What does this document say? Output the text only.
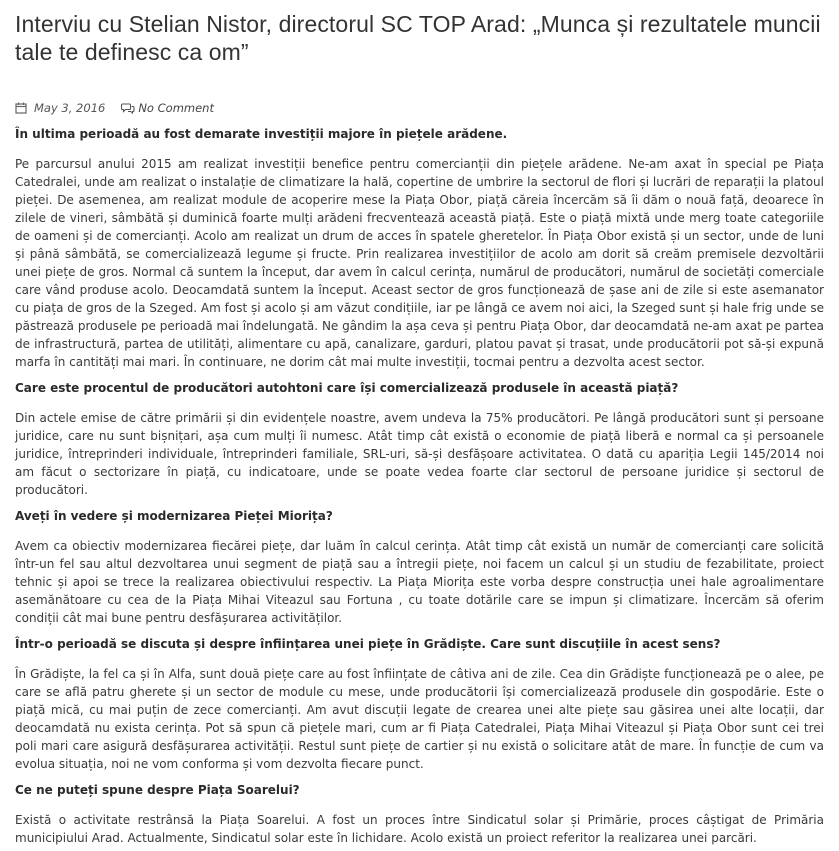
Interviu cu Stelian Nistor, directorul SC TOP Arad: „Munca și rezultatele muncii tale te definesc ca om”
May 3, 2016	No Comment

În ultima perioadă au fost demarate investiții majore în piețele arădene.

Pe parcursul anului 2015 am realizat investiții benefice pentru comercianții din piețele arădene. Ne-am axat în special pe Piața Catedralei, unde am realizat o instalație de climatizare la hală, copertine de umbrire la sectorul de flori și lucrări de reparații la platoul pieței. De asemenea, am realizat module de acoperire mese la Piața Obor, piață căreia încercăm să îi dăm o nouă față, deoarece în zilele de vineri, sâmbătă și duminică foarte mulți arădeni frecventează această piață. Este o piață mixtă unde merg toate categoriile de oameni și de comercianți. Acolo am realizat un drum de acces în spatele gheretelor. În Piața Obor există și un sector, unde de luni și până sâmbătă, se comercializează legume și fructe. Prin realizarea investițiilor de acolo am dorit să creăm premisele dezvoltării unei piețe de gros. Normal că suntem la început, dar avem în calcul cerința, numărul de producători, numărul de societăți comerciale care vând produse acolo. Deocamdată suntem la început. Aceast sector de gros funcționează de șase ani de zile si este asemanator cu piața de gros de la Szeged. Am fost și acolo și am văzut condițiile, iar pe lângă ce avem noi aici, la Szeged sunt și hale frig unde se păstrează produsele pe perioadă mai îndelungată. Ne gândim la așa ceva și pentru Piața Obor, dar deocamdată ne-am axat pe partea de infrastructură, partea de utilități, alimentare cu apă, canalizare, garduri, platou pavat și trasat, unde producătorii pot să-și expună marfa în cantități mai mari. În continuare, ne dorim cât mai multe investiții, tocmai pentru a dezvolta acest sector.

Care este procentul de producători autohtoni care își comercializează produsele în această piață?

Din actele emise de către primării și din evidențele noastre, avem undeva la 75% producători. Pe lângă producători sunt și persoane juridice, care nu sunt bișnițari, așa cum mulți îi numesc. Atât timp cât există o economie de piață liberă e normal ca și persoanele juridice, întreprinderi individuale, întreprinderi familiale, SRL-uri, să-și desfășoare activitatea. O dată cu apariția Legii 145/2014 noi am făcut o sectorizare în piață, cu indicatoare, unde se poate vedea foarte clar sectorul de persoane juridice și sectorul de producători.

Aveți în vedere și modernizarea Pieței Miorița?

Avem ca obiectiv modernizarea fiecărei piețe, dar luăm în calcul cerința. Atât timp cât există un număr de comercianți care solicită într-un fel sau altul dezvoltarea unui segment de piață sau a întregii piețe, noi facem un calcul și un studiu de fezabilitate, proiect tehnic și apoi se trece la realizarea obiectivului respectiv. La Piața Miorița este vorba despre construcția unei hale agroalimentare asemănătoare cu cea de la Piața Mihai Viteazul sau Fortuna , cu toate dotările care se impun și climatizare. Încercăm să oferim condiții cât mai bune pentru desfășurarea activităților.

Într-o perioadă se discuta și despre înființarea unei piețe în Grădiște. Care sunt discuțiile în acest sens?

În Grădiște, la fel ca și în Alfa, sunt două piețe care au fost înființate de câtiva ani de zile. Cea din Grădiște funcționează pe o alee, pe care se află patru gherete și un sector de module cu mese, unde producătorii își comercializează produsele din gospodărie. Este o piață mică, cu mai puțin de zece comercianți. Am avut discuții legate de crearea unei alte piețe sau găsirea unei alte locații, dar deocamdată nu exista cerința. Pot să spun că piețele mari, cum ar fi Piața Catedralei, Piața Mihai Viteazul și Piața Obor sunt cei trei poli mari care asigură desfășurarea activității. Restul sunt piețe de cartier și nu există o solicitare atât de mare. În funcție de cum va evolua situația, noi ne vom conforma și vom dezvolta fiecare punct.

Ce ne puteți spune despre Piața Soarelui?

Există o activitate restrânsă la Piața Soarelui. A fost un proces între Sindicatul solar și Primărie, proces câștigat de Primăria municipiului Arad. Actualmente, Sindicatul solar este în lichidare. Acolo există un proiect referitor la realizarea unei parcări.
